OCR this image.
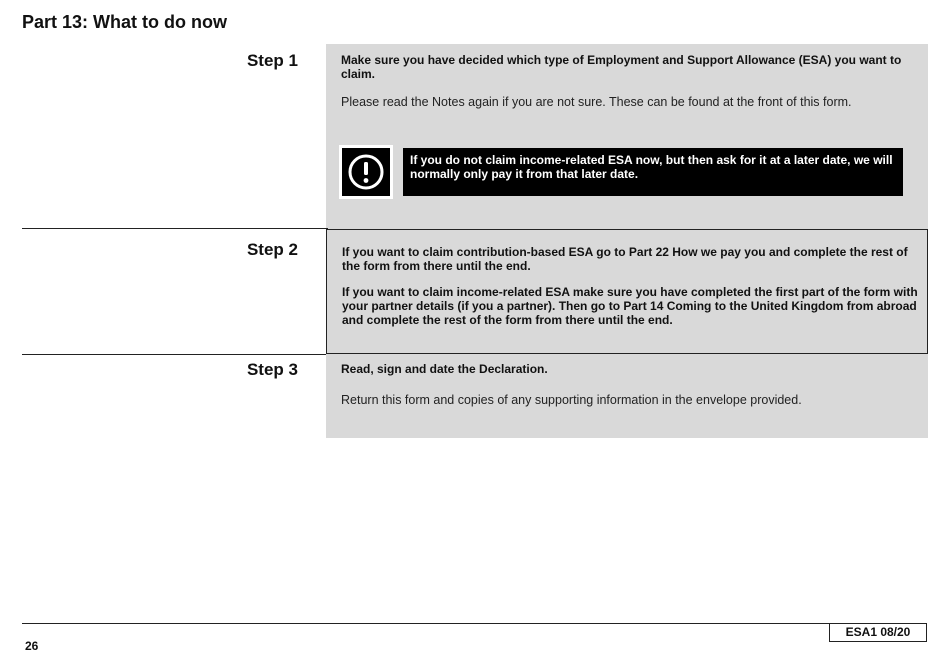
Part 13: What to do now
Step 1	Make sure you have decided which type of Employment and Support Allowance (ESA) you want to claim.
Please read the Notes again if you are not sure. These can be found at the front of this form.
If you do not claim income-related ESA now, but then ask for it at a later date, we will normally only pay it from that later date.
Step 2	If you want to claim contribution-based ESA go to Part 22 How we pay you and complete the rest of the form from there until the end.
If you want to claim income-related ESA make sure you have completed the first part of the form with your partner details (if you a partner). Then go to Part 14 Coming to the United Kingdom from abroad and complete the rest of the form from there until the end.
Step 3	Read, sign and date the Declaration.
Return this form and copies of any supporting information in the envelope provided.
26
ESA1 08/20
